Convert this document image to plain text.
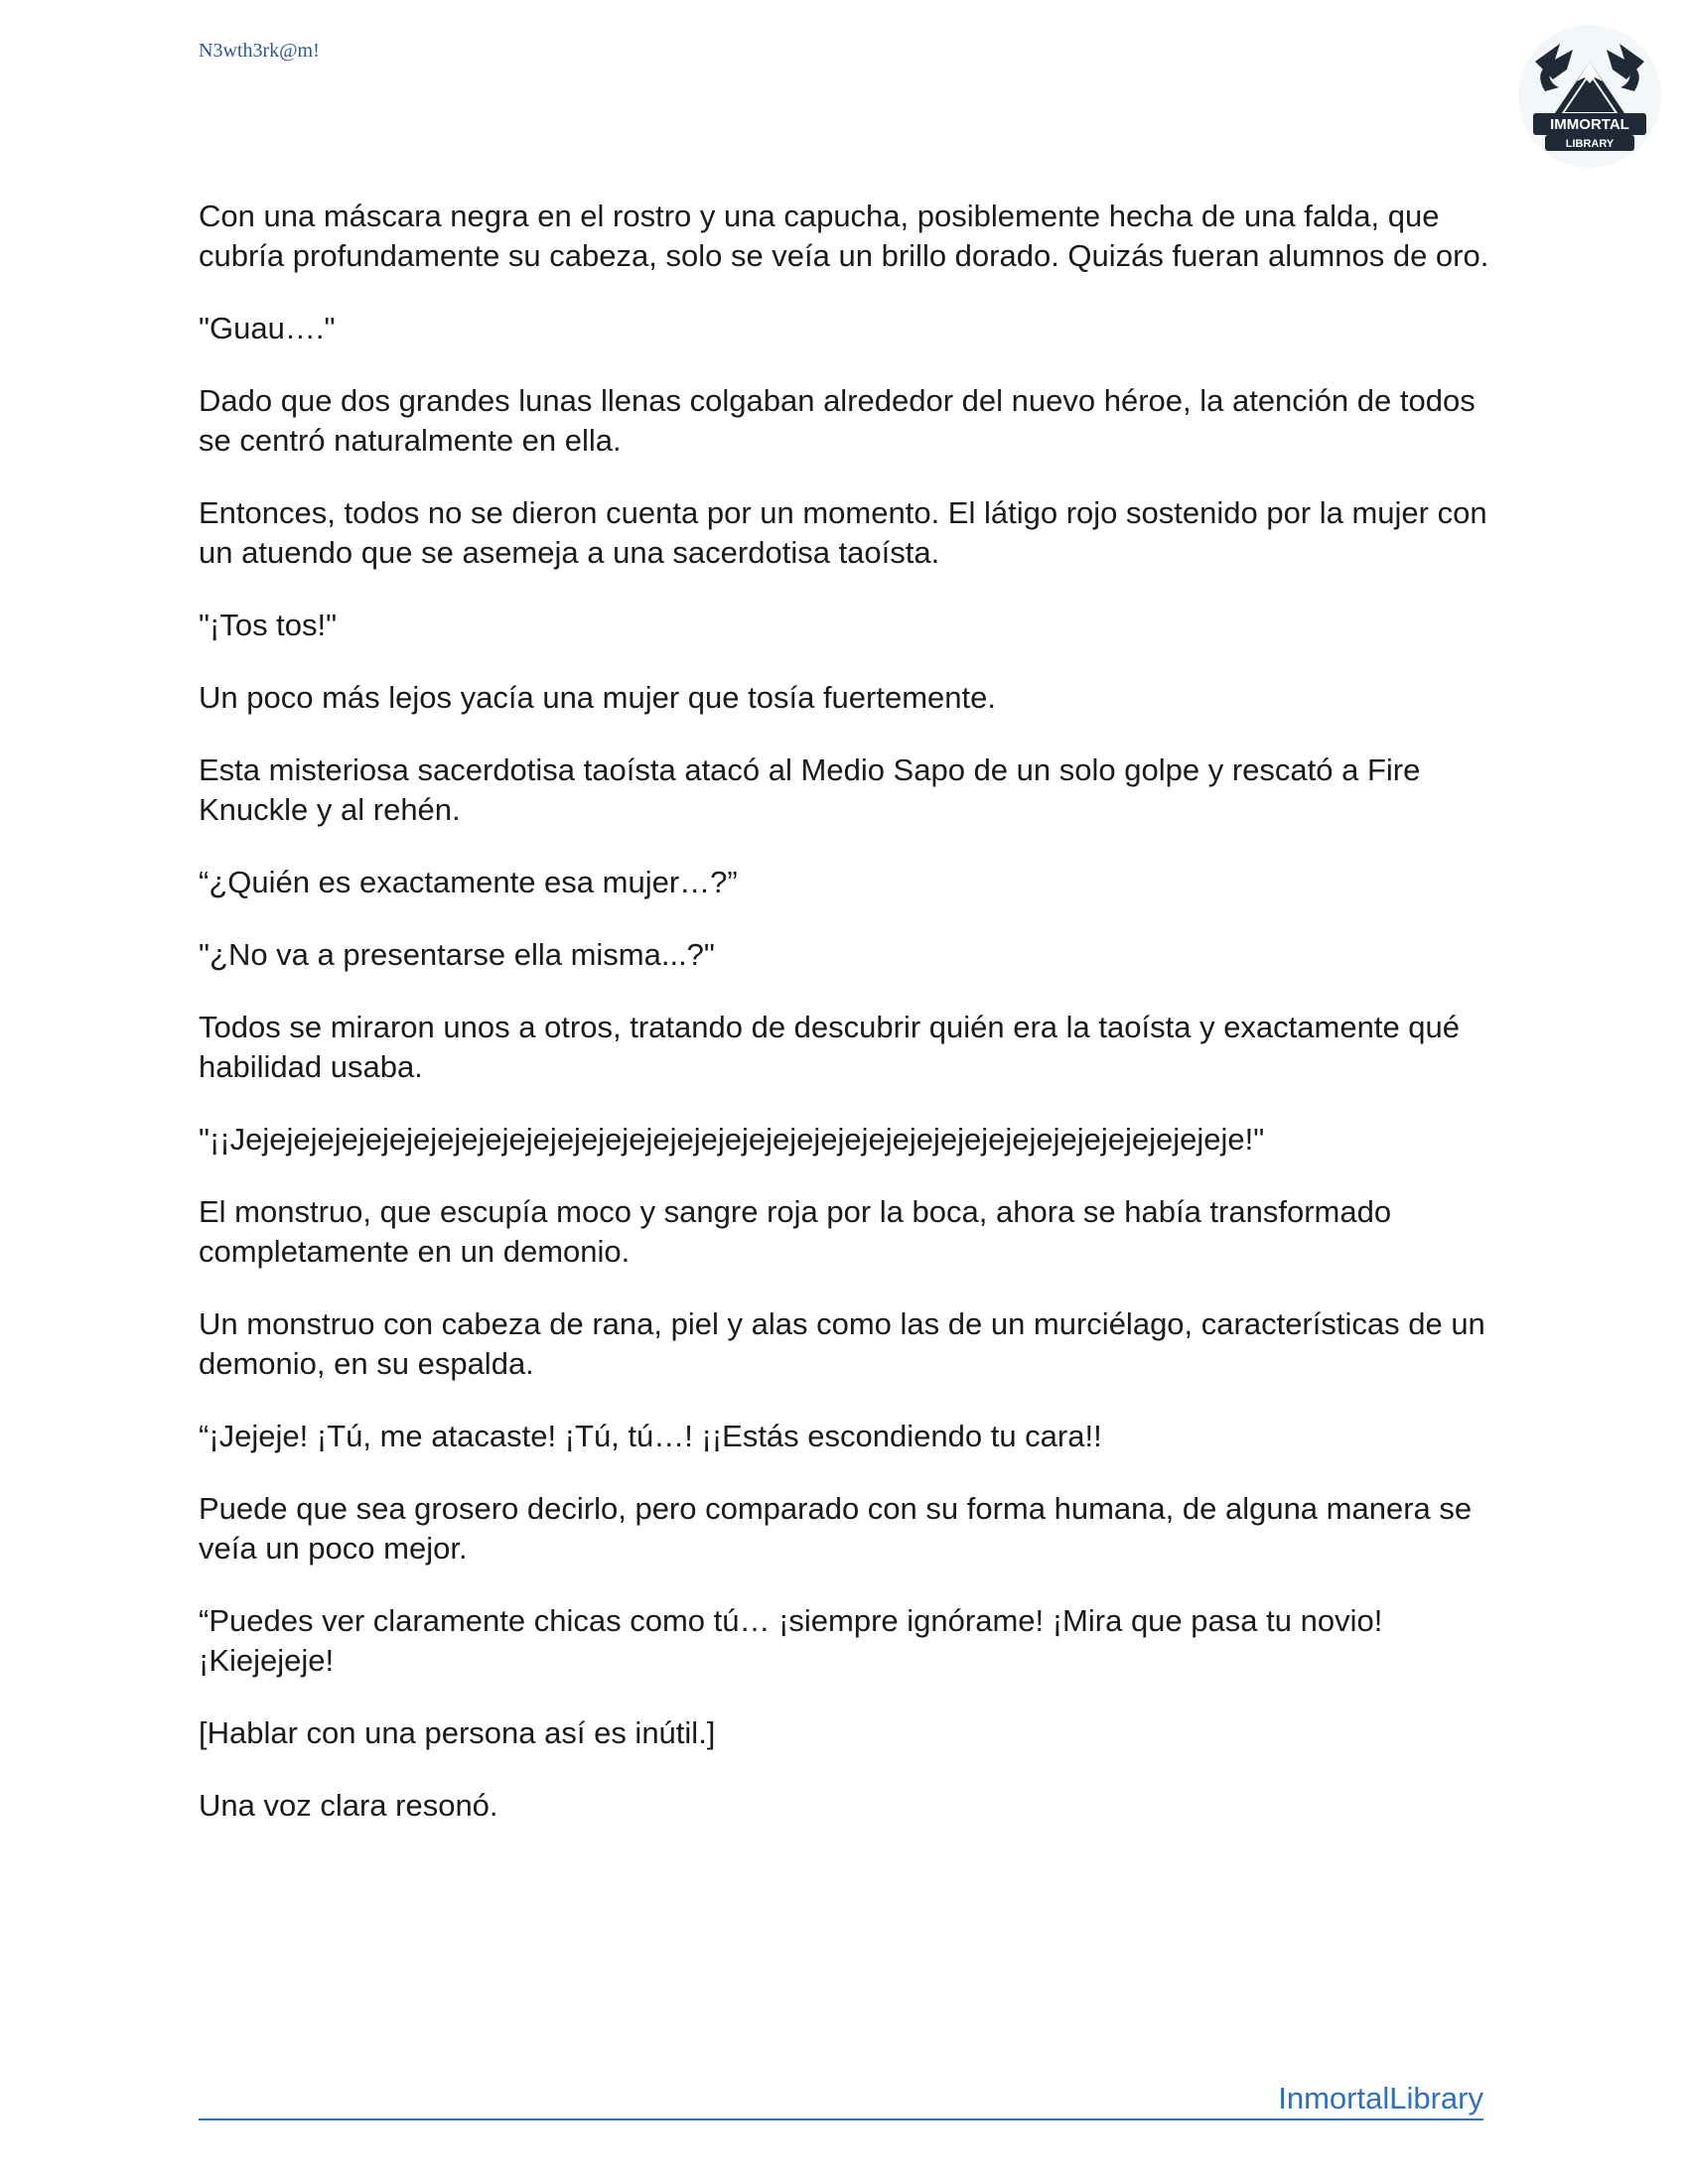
N3wth3rk@m!
IMMORTAL
LIBRARY

Con una máscara negra en el rostro y una capucha, posiblemente hecha de una falda, que cubría profundamente su cabeza, solo se veía un brillo dorado. Quizás fueran alumnos de oro.

"Guau…."

Dado que dos grandes lunas llenas colgaban alrededor del nuevo héroe, la atención de todos se centró naturalmente en ella.

Entonces, todos no se dieron cuenta por un momento. El látigo rojo sostenido por la mujer con un atuendo que se asemeja a una sacerdotisa taoísta.

"¡Tos tos!"

Un poco más lejos yacía una mujer que tosía fuertemente.

Esta misteriosa sacerdotisa taoísta atacó al Medio Sapo de un solo golpe y rescató a Fire Knuckle y al rehén.

“¿Quién es exactamente esa mujer…?”

"¿No va a presentarse ella misma...?"

Todos se miraron unos a otros, tratando de descubrir quién era la taoísta y exactamente qué habilidad usaba.

"¡¡Jejejejejejejejejejejejejejejejejejejejejejejejejejejejejejejejejejejejejejejejejeje!"

El monstruo, que escupía moco y sangre roja por la boca, ahora se había transformado completamente en un demonio.

Un monstruo con cabeza de rana, piel y alas como las de un murciélago, características de un demonio, en su espalda.

“¡Jejeje! ¡Tú, me atacaste! ¡Tú, tú…! ¡¡Estás escondiendo tu cara!!

Puede que sea grosero decirlo, pero comparado con su forma humana, de alguna manera se veía un poco mejor.

“Puedes ver claramente chicas como tú… ¡siempre ignórame! ¡Mira que pasa tu novio! ¡Kiejejeje!

[Hablar con una persona así es inútil.]

Una voz clara resonó.

InmortalLibrary
